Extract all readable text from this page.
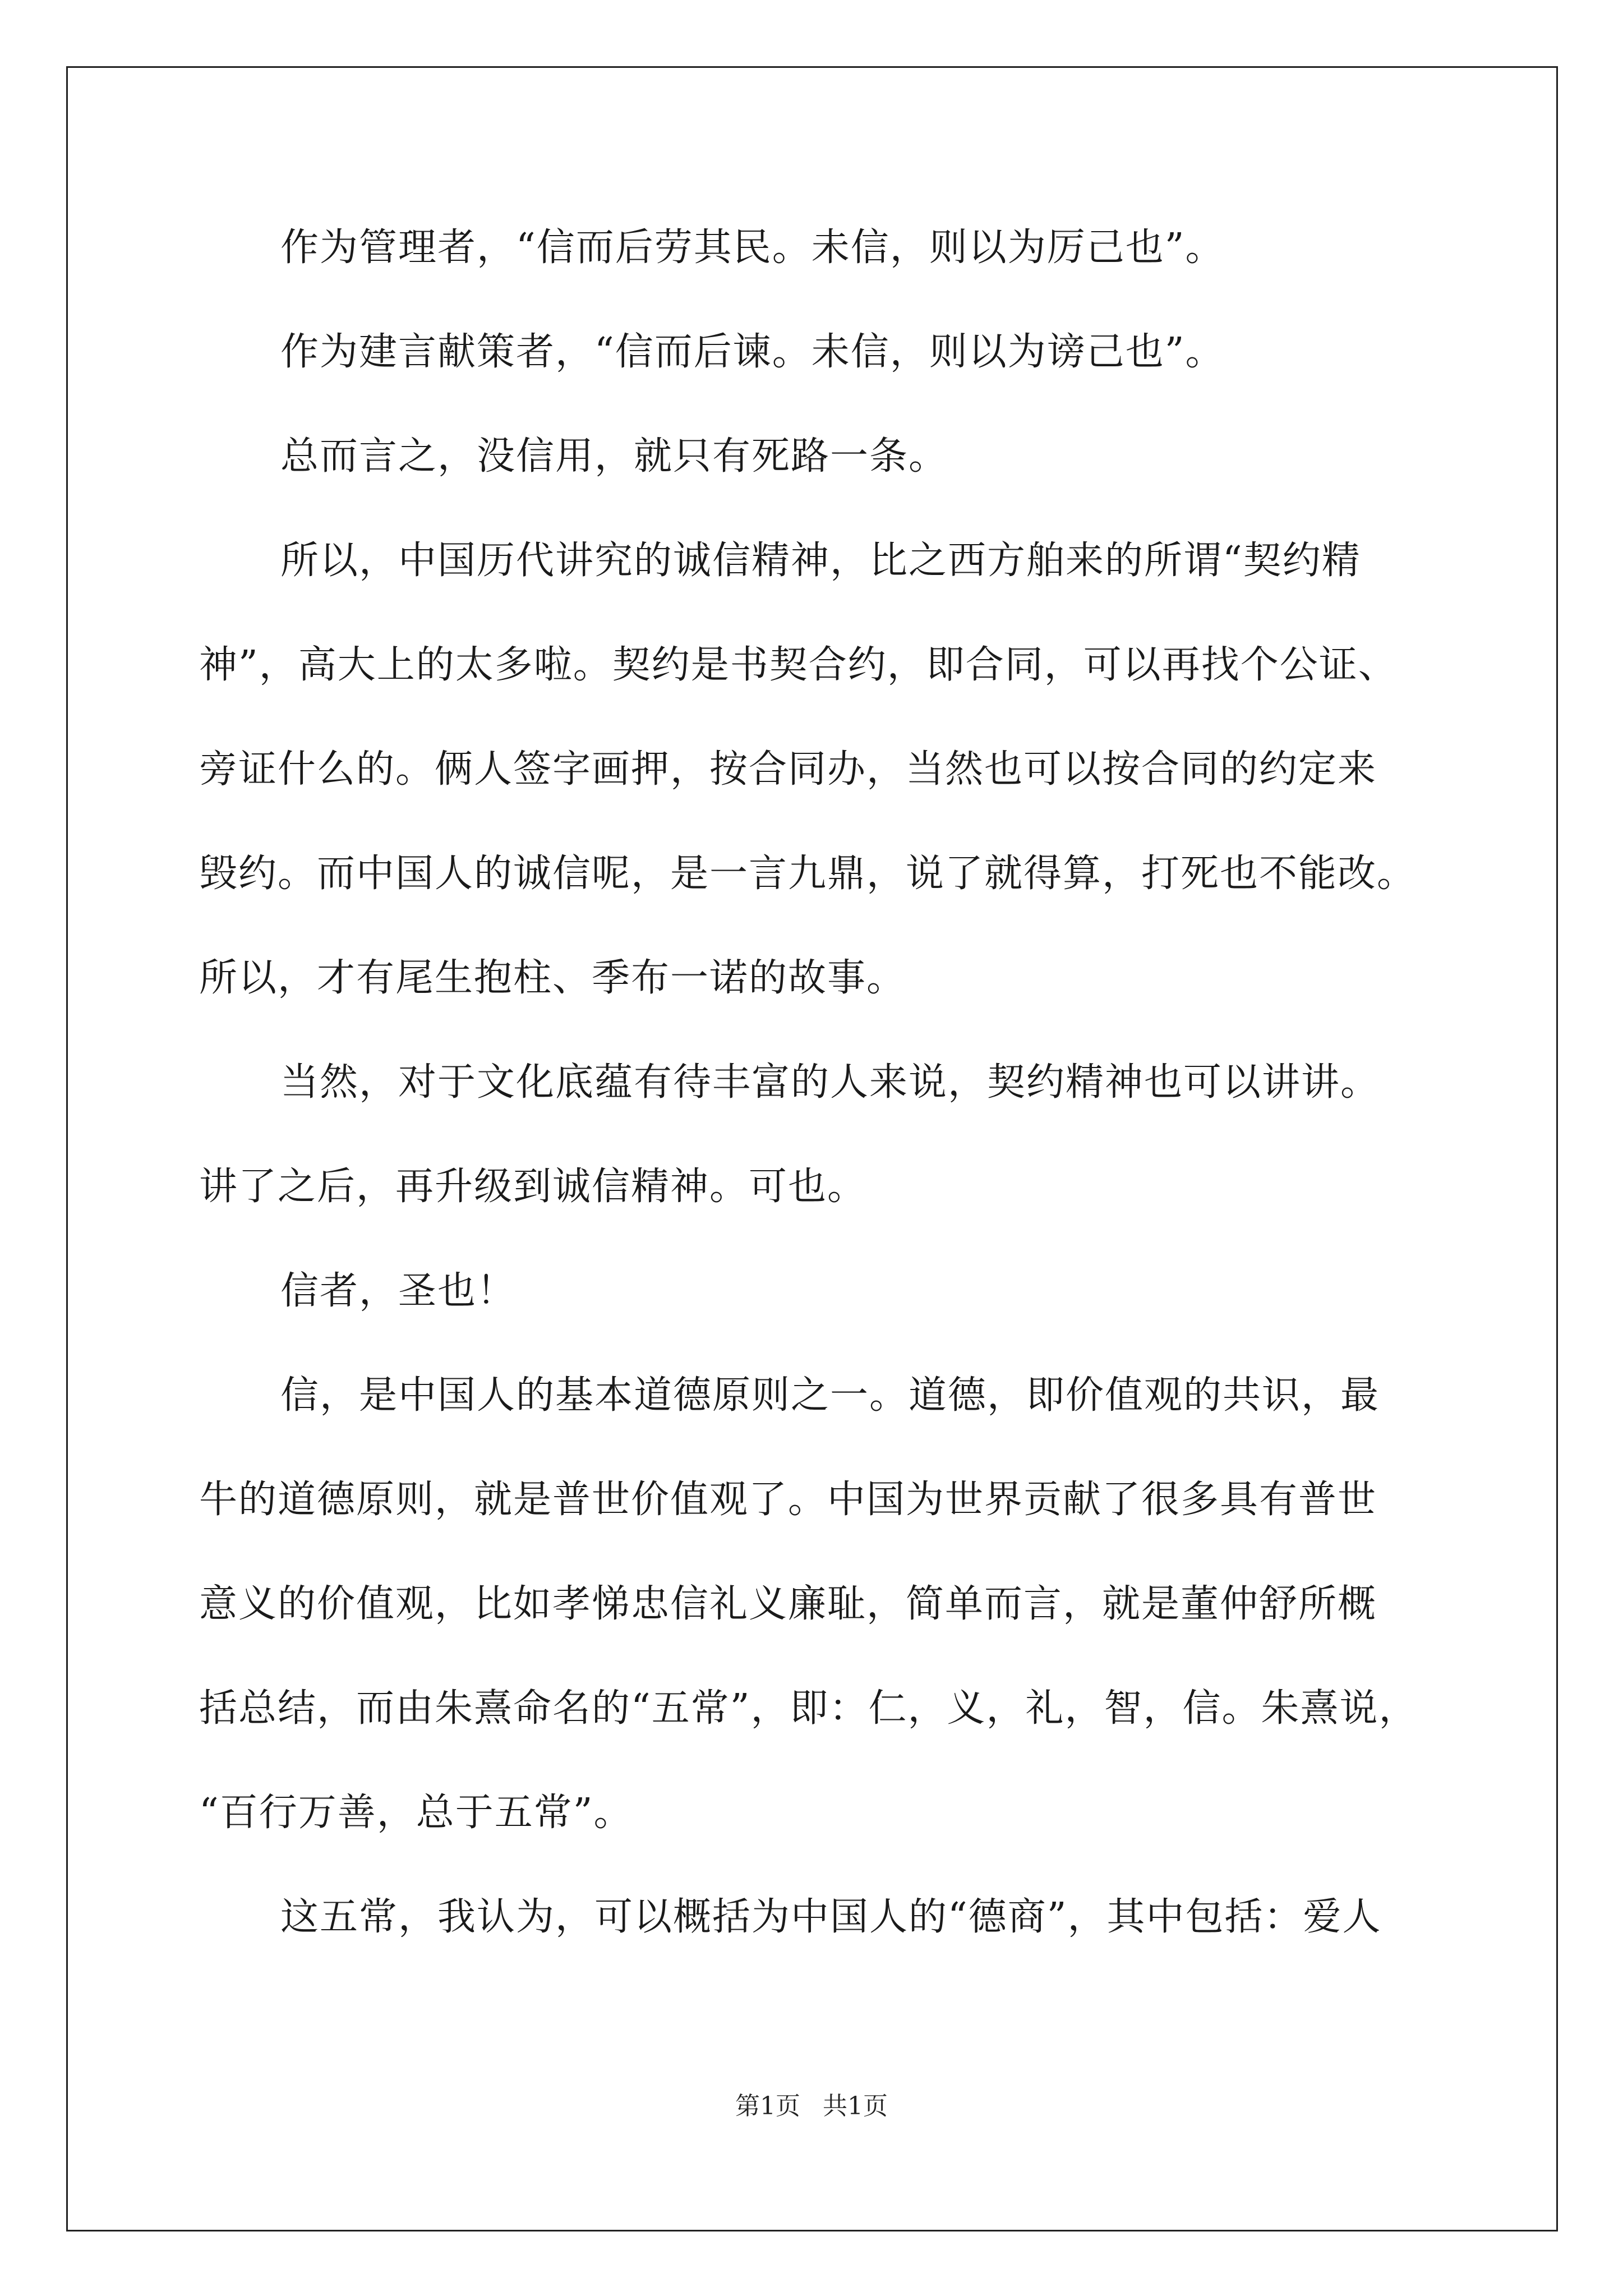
作为管理者，“信而后劳其民。未信，则以为厉己也”。
作为建言献策者，“信而后谏。未信，则以为谤己也”。
总而言之，没信用，就只有死路一条。
所以，中国历代讲究的诚信精神，比之西方舶来的所谓“契约精
神”，高大上的太多啦。契约是书契合约，即合同，可以再找个公证、
旁证什么的。俩人签字画押，按合同办，当然也可以按合同的约定来
毁约。而中国人的诚信呢，是一言九鼎，说了就得算，打死也不能改。
所以，才有尾生抱柱、季布一诺的故事。
当然，对于文化底蕴有待丰富的人来说，契约精神也可以讲讲。
讲了之后，再升级到诚信精神。可也。
信者，圣也！
信，是中国人的基本道德原则之一。道德，即价值观的共识，最
牛的道德原则，就是普世价值观了。中国为世界贡献了很多具有普世
意义的价值观，比如孝悌忠信礼义廉耻，简单而言，就是董仲舒所概
括总结，而由朱熹命名的“五常”，即：仁，义，礼，智，信。朱熹说，
“百行万善，总于五常”。
这五常，我认为，可以概括为中国人的“德商”，其中包括：爱人
第1页 共1页
